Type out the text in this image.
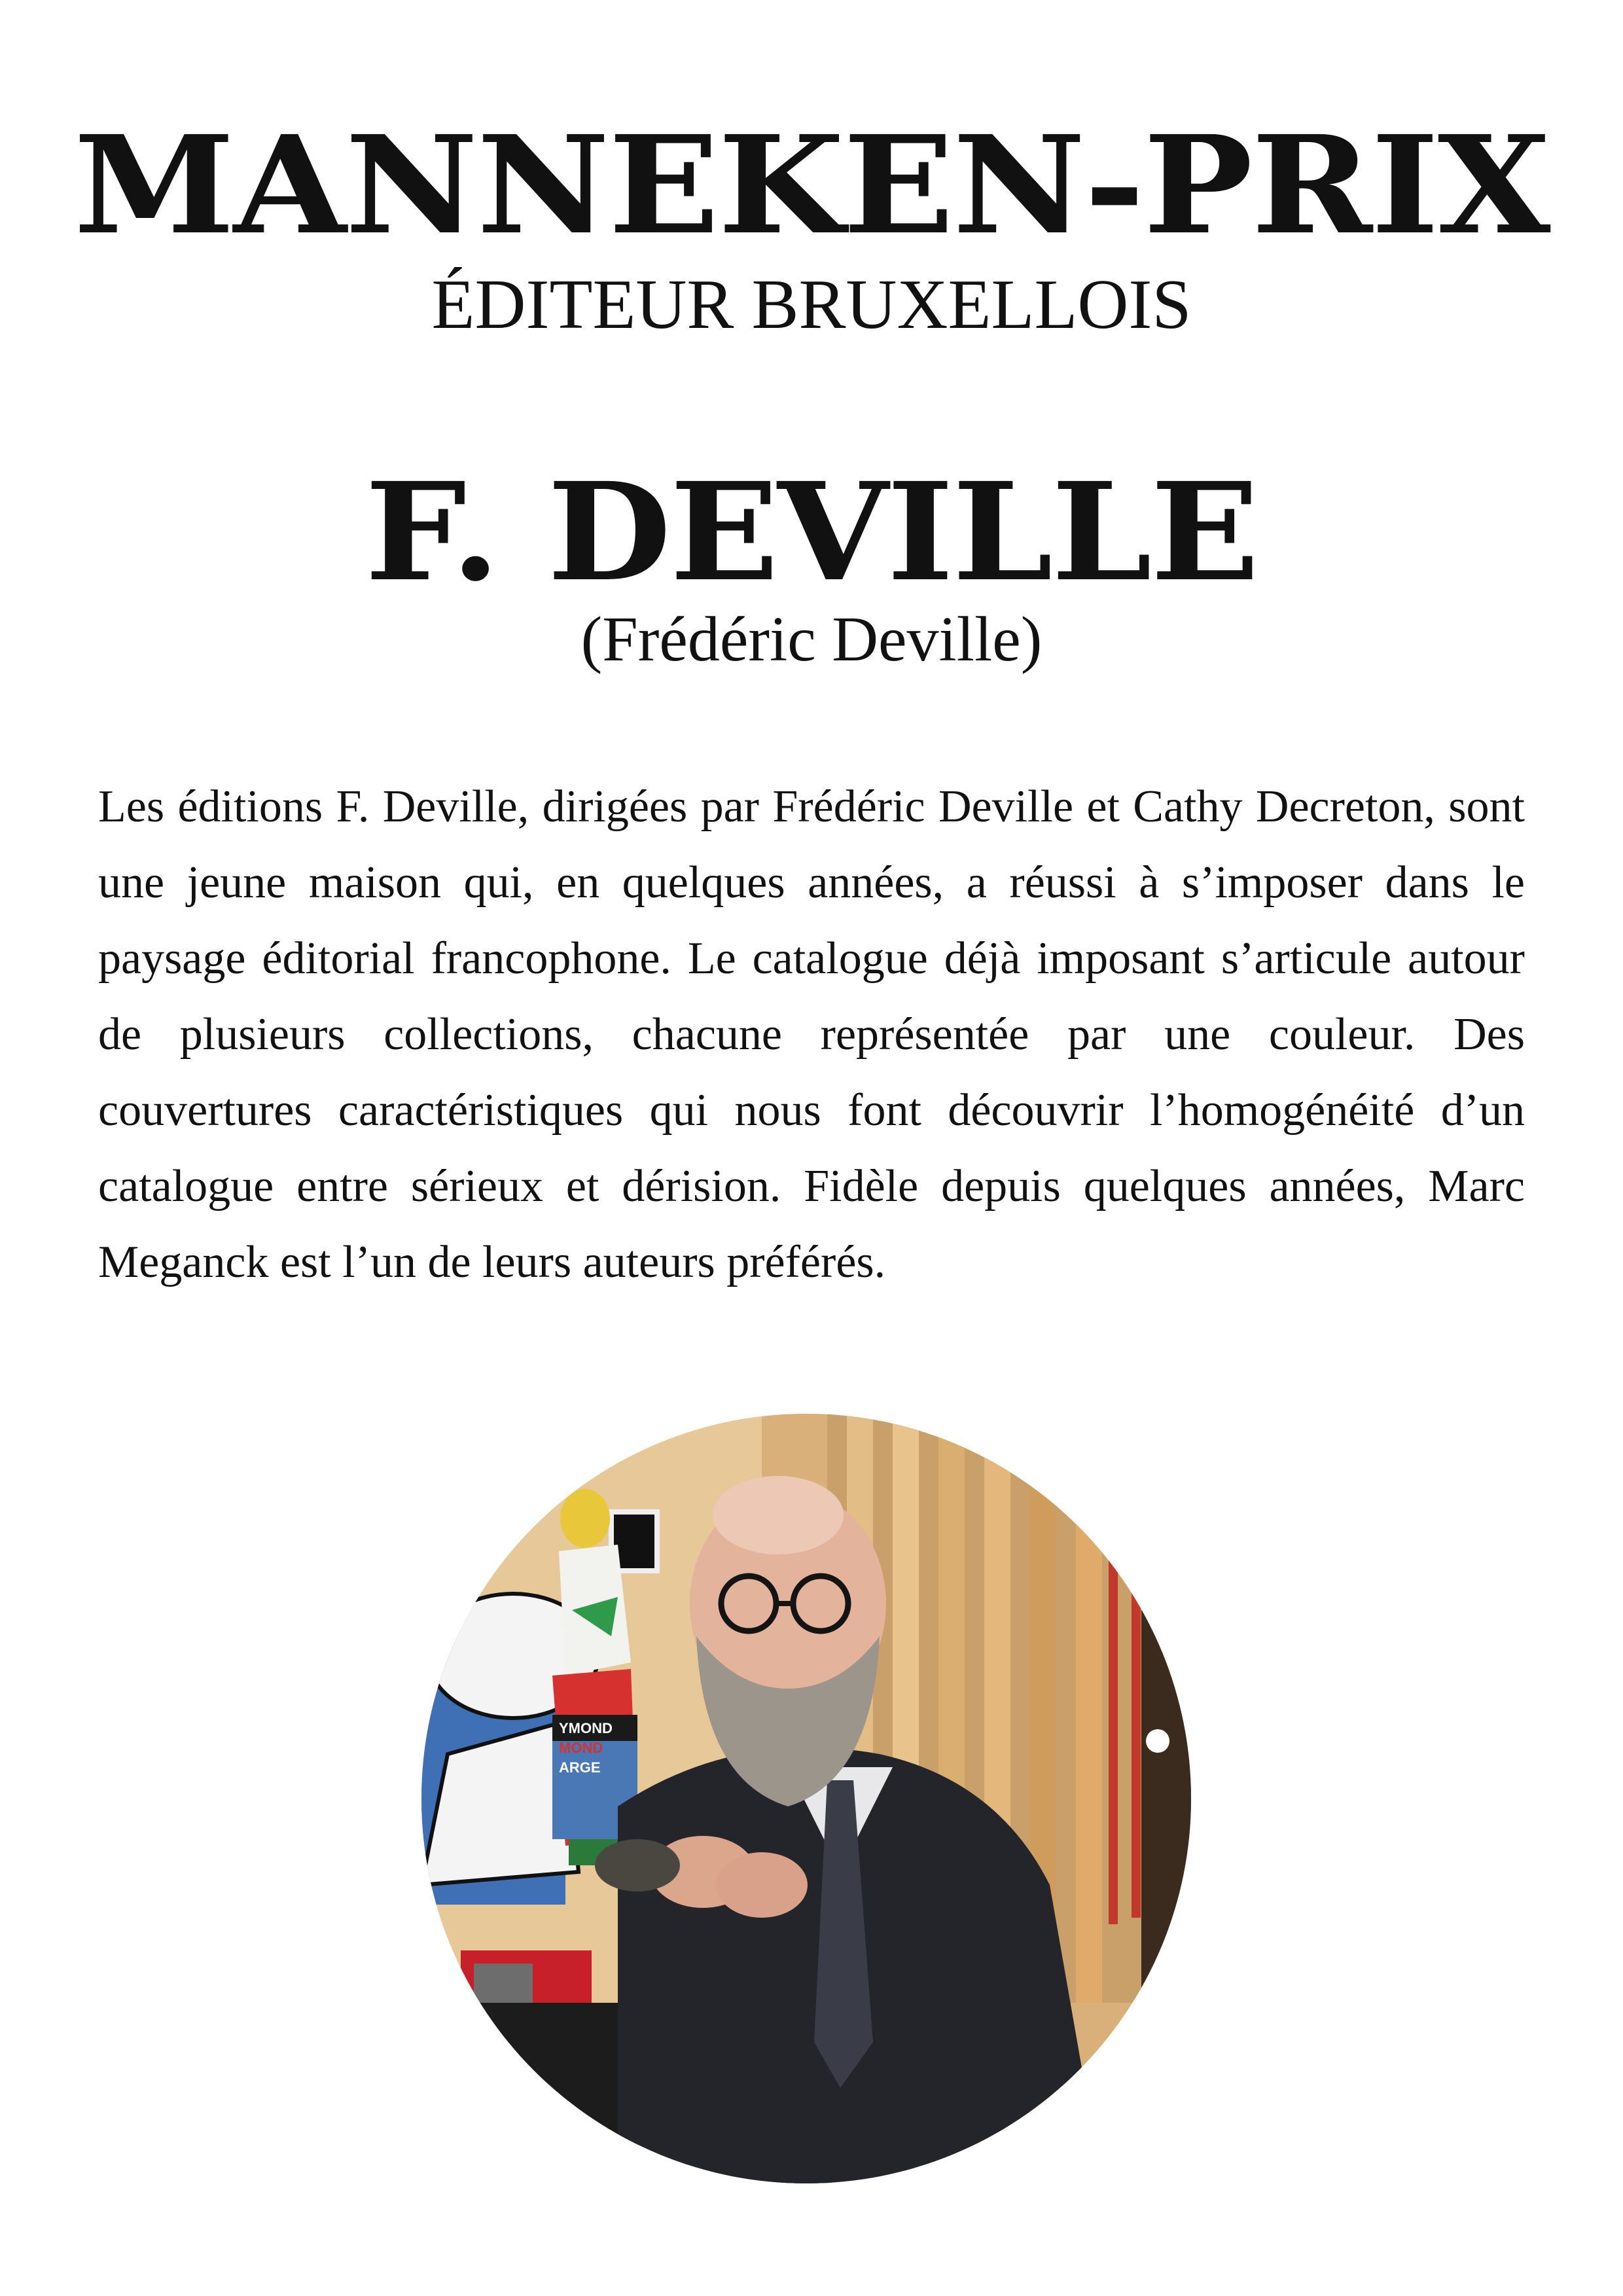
MANNEKEN-PRIX
ÉDITEUR BRUXELLOIS
F. DEVILLE
(Frédéric Deville)

Les éditions F. Deville, dirigées par Frédéric Deville et Cathy Decreton, sont une jeune maison qui, en quelques années, a réussi à s’imposer dans le paysage éditorial francophone. Le catalogue déjà imposant s’articule autour de plusieurs collections, chacune représentée par une couleur. Des couvertures caractéristiques qui nous font découvrir l’homogénéité d’un catalogue entre sérieux et dérision. Fidèle depuis quelques années, Marc Meganck est l’un de leurs auteurs préférés.

YMOND
MOND
ARGE
